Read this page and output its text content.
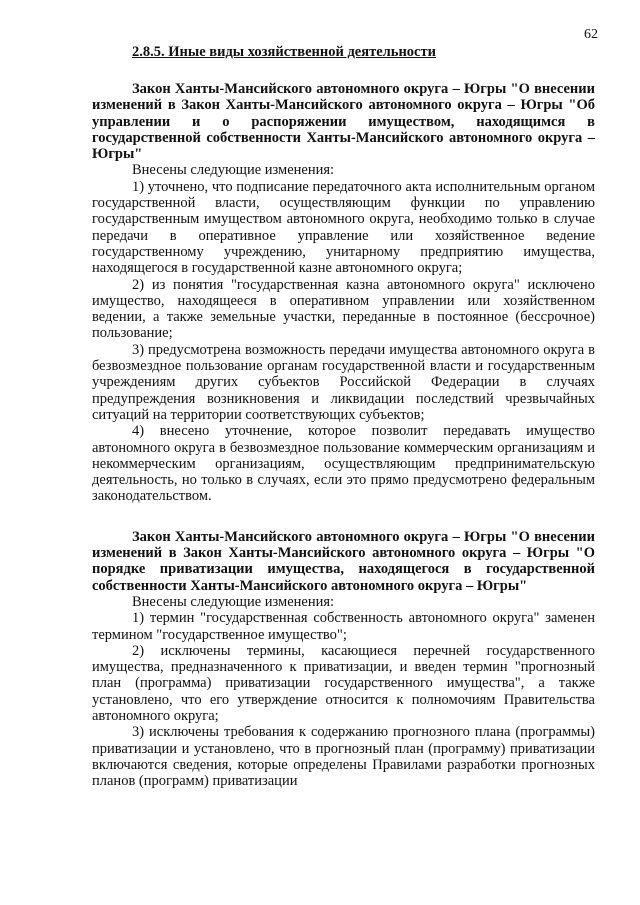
62
2.8.5. Иные виды хозяйственной деятельности

Закон Ханты-Мансийского автономного округа – Югры "О внесении изменений в Закон Ханты-Мансийского автономного округа – Югры "Об управлении и о распоряжении имуществом, находящимся в государственной собственности Ханты-Мансийского автономного округа – Югры"

Внесены следующие изменения:

1) уточнено, что подписание передаточного акта исполнительным органом государственной власти, осуществляющим функции по управлению государственным имуществом автономного округа, необходимо только в случае передачи в оперативное управление или хозяйственное ведение государственному учреждению, унитарному предприятию имущества, находящегося в государственной казне автономного округа;

2) из понятия "государственная казна автономного округа" исключено имущество, находящееся в оперативном управлении или хозяйственном ведении, а также земельные участки, переданные в постоянное (бессрочное) пользование;

3) предусмотрена возможность передачи имущества автономного округа в безвозмездное пользование органам государственной власти и государственным учреждениям других субъектов Российской Федерации в случаях предупреждения возникновения и ликвидации последствий чрезвычайных ситуаций на территории соответствующих субъектов;

4) внесено уточнение, которое позволит передавать имущество автономного округа в безвозмездное пользование коммерческим организациям и некоммерческим организациям, осуществляющим предпринимательскую деятельность, но только в случаях, если это прямо предусмотрено федеральным законодательством.

Закон Ханты-Мансийского автономного округа – Югры "О внесении изменений в Закон Ханты-Мансийского автономного округа – Югры "О порядке приватизации имущества, находящегося в государственной собственности Ханты-Мансийского автономного округа – Югры"

Внесены следующие изменения:

1) термин "государственная собственность автономного округа" заменен термином "государственное имущество";

2) исключены термины, касающиеся перечней государственного имущества, предназначенного к приватизации, и введен термин "прогнозный план (программа) приватизации государственного имущества", а также установлено, что его утверждение относится к полномочиям Правительства автономного округа;

3) исключены требования к содержанию прогнозного плана (программы) приватизации и установлено, что в прогнозный план (программу) приватизации включаются сведения, которые определены Правилами разработки прогнозных планов (программ) приватизации
